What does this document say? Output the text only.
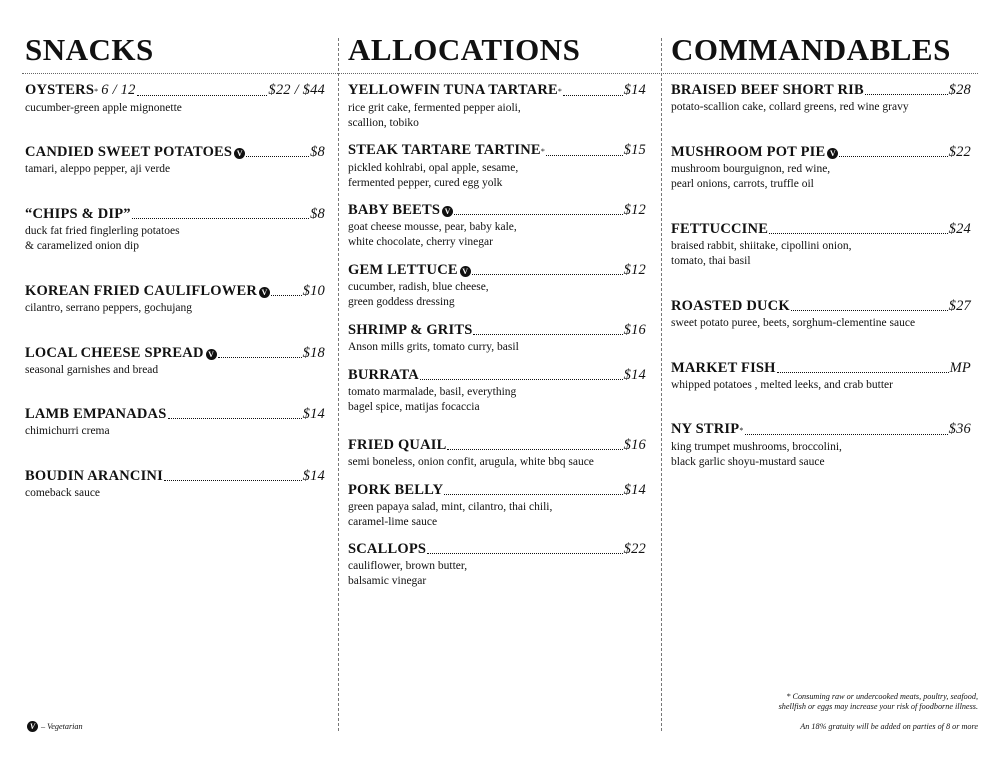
SNACKS
OYSTERS * 6 / 12	$22 / $44
cucumber-green apple mignonette
CANDIED SWEET POTATOES V	$8
tamari, aleppo pepper, aji verde
“CHIPS & DIP”	$8
duck fat fried finglerling potatoes
& caramelized onion dip
KOREAN FRIED CAULIFLOWER V $10
cilantro, serrano peppers, gochujang
LOCAL CHEESE SPREAD V	$18
seasonal garnishes and bread
LAMB EMPANADAS	$14
chimichurri crema
BOUDIN ARANCINI	$14
comeback sauce
ALLOCATIONS
YELLOWFIN TUNA TARTARE *	$14
rice grit cake, fermented pepper aioli,
scallion, tobiko
STEAK TARTARE TARTINE *	$15
pickled kohlrabi, opal apple, sesame,
fermented pepper, cured egg yolk
BABY BEETS V	$12
goat cheese mousse, pear, baby kale,
white chocolate, cherry vinegar
GEM LETTUCE V	$12
cucumber, radish, blue cheese,
green goddess dressing
SHRIMP & GRITS	$16
Anson mills grits, tomato curry, basil
BURRATA	$14
tomato marmalade, basil, everything
bagel spice, matijas focaccia
FRIED QUAIL	$16
semi boneless, onion confit, arugula, white bbq sauce
PORK BELLY	$14
green papaya salad, mint, cilantro, thai chili,
caramel-lime sauce
SCALLOPS	$22
cauliflower, brown butter,
balsamic vinegar
COMMANDABLES
BRAISED BEEF SHORT RIB	$28
potato-scallion cake, collard greens, red wine gravy
MUSHROOM POT PIE V	$22
mushroom bourguignon, red wine,
pearl onions, carrots, truffle oil
FETTUCCINE	$24
braised rabbit, shiitake, cipollini onion,
tomato, thai basil
ROASTED DUCK	$27
sweet potato puree, beets, sorghum-clementine sauce
MARKET FISH	MP
whipped potatoes , melted leeks, and crab butter
NY STRIP *	$36
king trumpet mushrooms, broccolini,
black garlic shoyu-mustard sauce
* Consuming raw or undercooked meats, poultry, seafood,
shellfish or eggs may increase your risk of foodborne illness.
An 18% gratuity will be added on parties of 8 or more
V – Vegetarian
